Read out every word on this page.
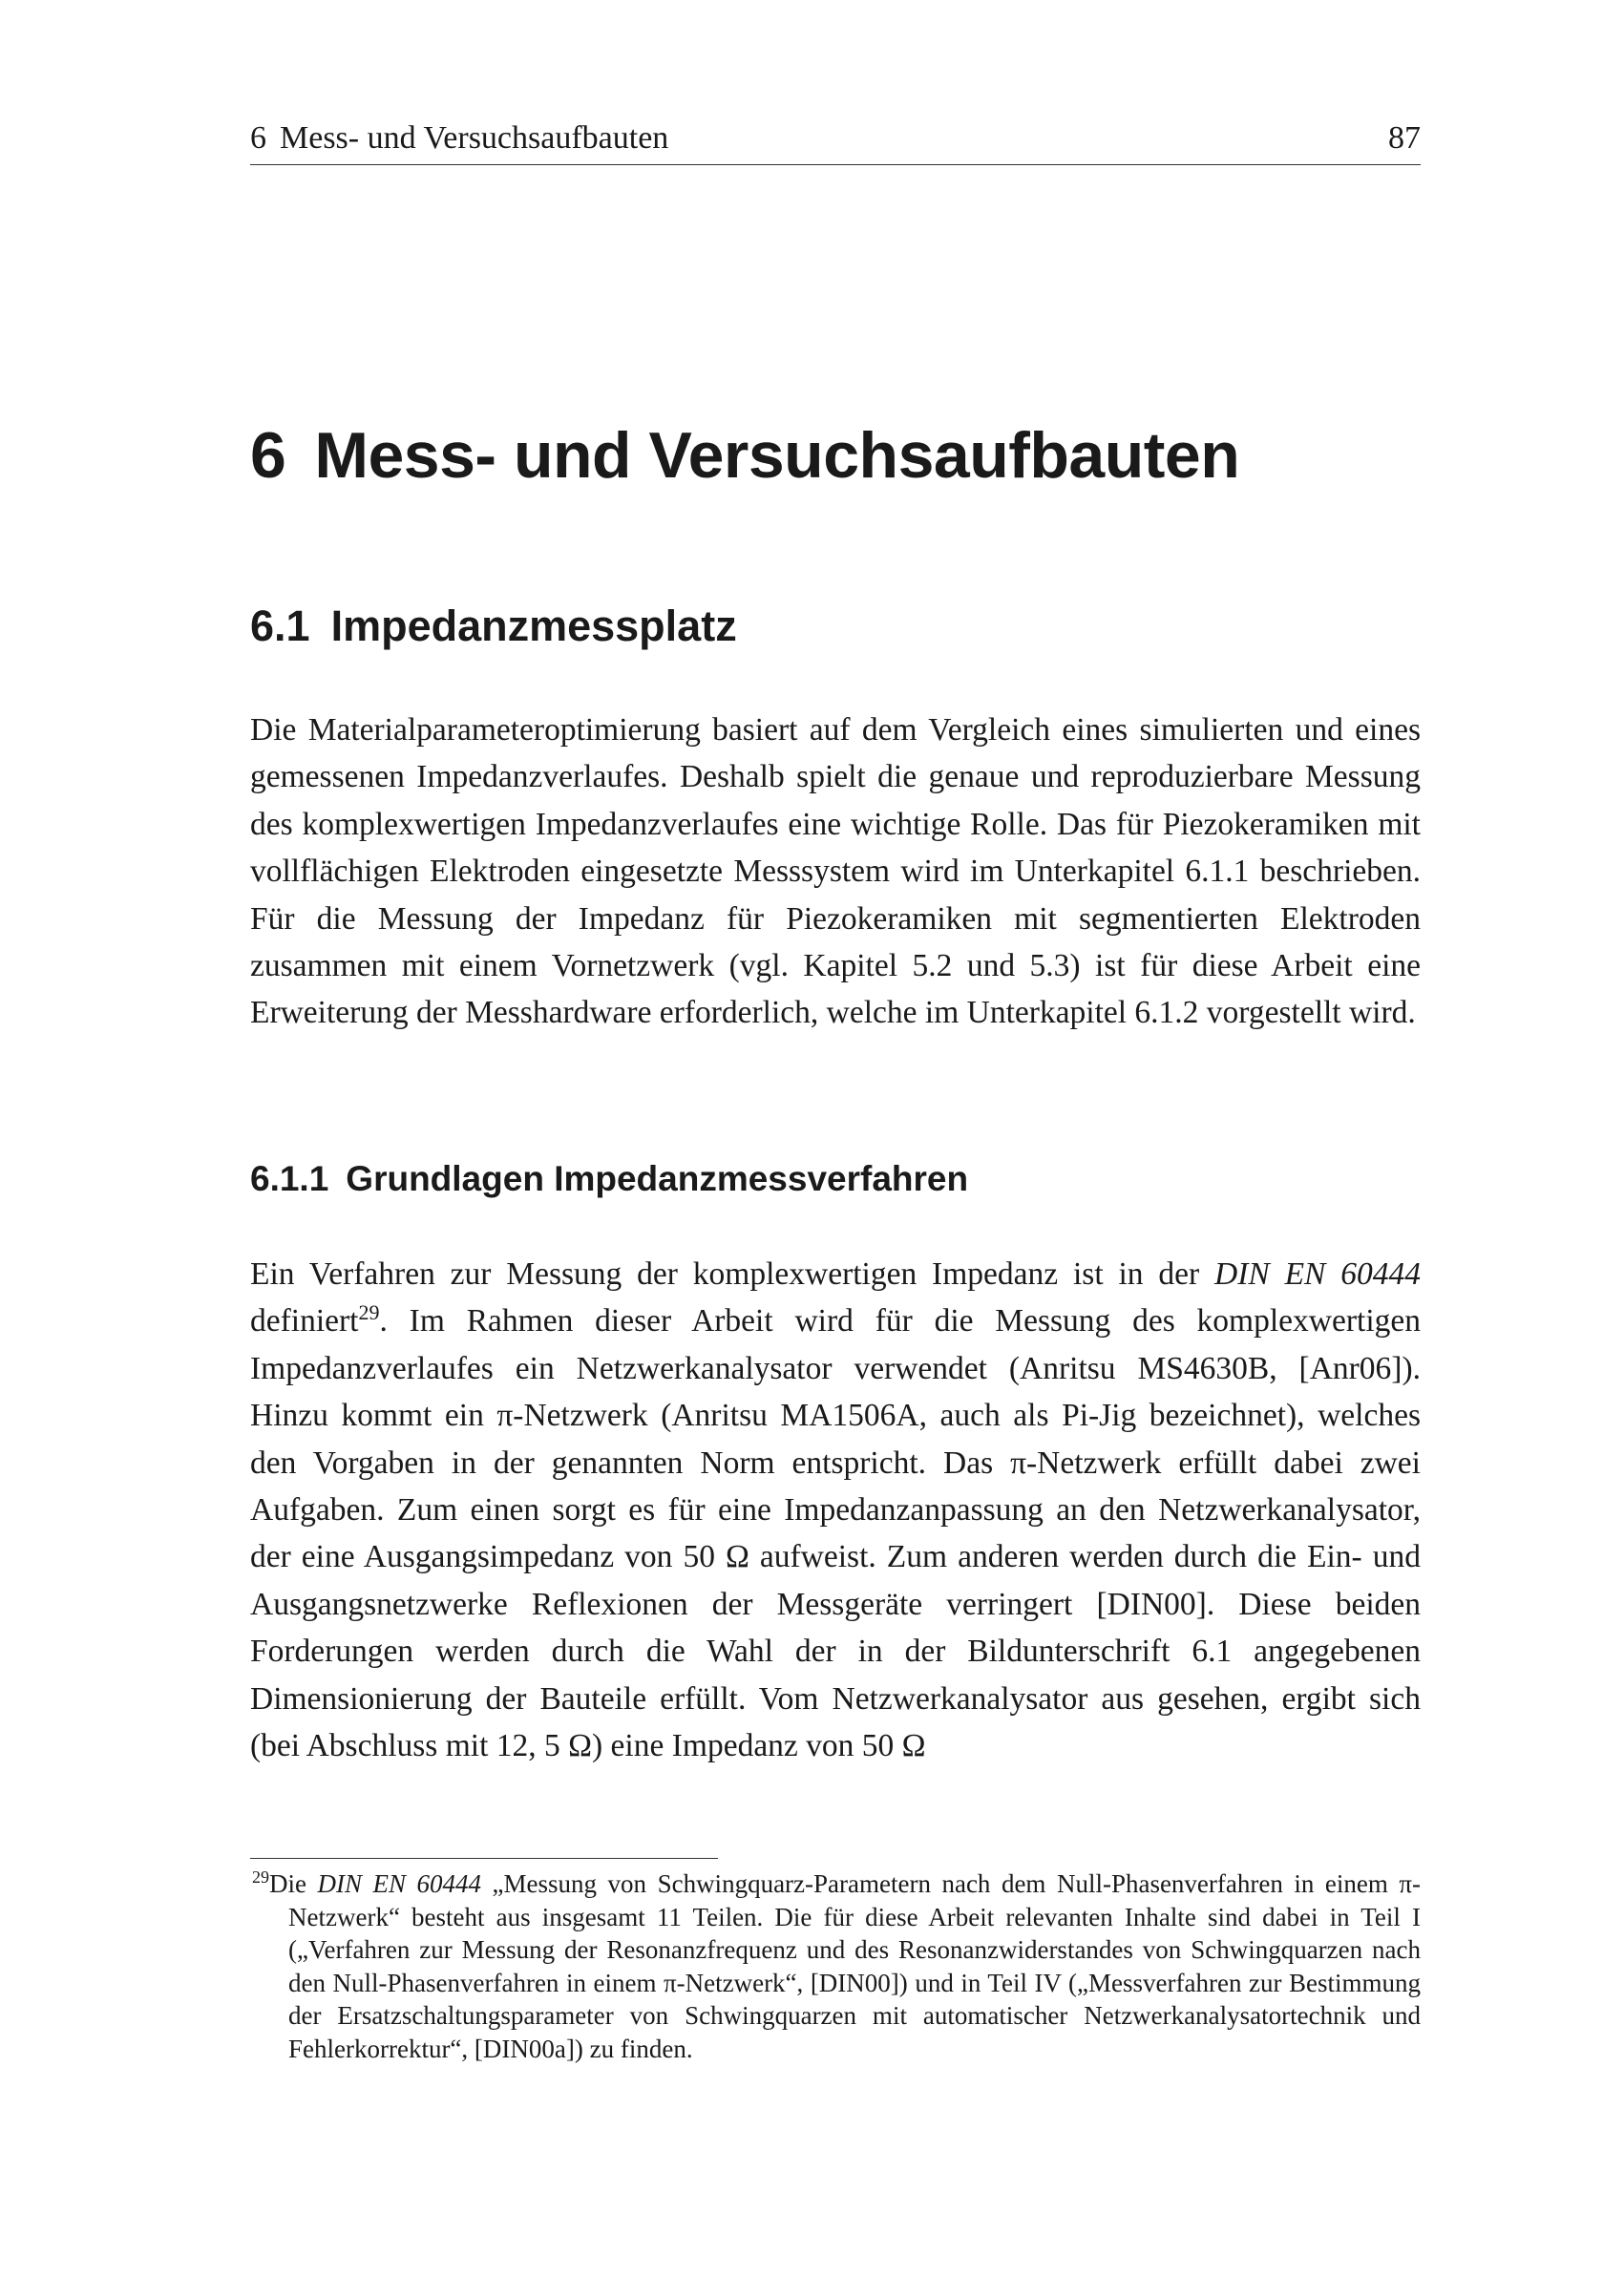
6 Mess- und Versuchsaufbauten	87
6 Mess- und Versuchsaufbauten
6.1 Impedanzmessplatz

Die Materialparameteroptimierung basiert auf dem Vergleich eines simulierten und eines gemessenen Impedanzverlaufes. Deshalb spielt die genaue und reproduzierbare Messung des komplexwertigen Impedanzverlaufes eine wichtige Rolle. Das für Piezokeramiken mit vollflächigen Elektroden eingesetzte Messsystem wird im Unterkapitel 6.1.1 beschrieben. Für die Messung der Impedanz für Piezokeramiken mit segmentierten Elektroden zusammen mit einem Vornetzwerk (vgl. Kapitel 5.2 und 5.3) ist für diese Arbeit eine Erweiterung der Messhardware erforderlich, welche im Unterkapitel 6.1.2 vorgestellt wird.

6.1.1 Grundlagen Impedanzmessverfahren

Ein Verfahren zur Messung der komplexwertigen Impedanz ist in der DIN EN 60444 definiert$^{29}$. Im Rahmen dieser Arbeit wird für die Messung des komplexwertigen Impedanzverlaufes ein Netzwerkanalysator verwendet (Anritsu MS4630B, [Anr06]). Hinzu kommt ein π-Netzwerk (Anritsu MA1506A, auch als Pi-Jig bezeichnet), welches den Vorgaben in der genannten Norm entspricht. Das π-Netzwerk erfüllt dabei zwei Aufgaben. Zum einen sorgt es für eine Impedanzanpassung an den Netzwerkanalysator, der eine Ausgangsimpedanz von 50 Ω aufweist. Zum anderen werden durch die Ein- und Ausgangsnetzwerke Reflexionen der Messgeräte verringert [DIN00]. Diese beiden Forderungen werden durch die Wahl der in der Bildunterschrift 6.1 angegebenen Dimensionierung der Bauteile erfüllt. Vom Netzwerkanalysator aus gesehen, ergibt sich (bei Abschluss mit 12, 5 Ω) eine Impedanz von 50 Ω

$^{29}$Die DIN EN 60444 „Messung von Schwingquarz-Parametern nach dem Null-Phasenverfahren in einem π-Netzwerk“ besteht aus insgesamt 11 Teilen. Die für diese Arbeit relevanten Inhalte sind dabei in Teil I („Verfahren zur Messung der Resonanzfrequenz und des Resonanzwiderstandes von Schwingquarzen nach den Null-Phasenverfahren in einem π-Netzwerk“, [DIN00]) und in Teil IV („Messverfahren zur Bestimmung der Ersatzschaltungsparameter von Schwingquarzen mit automatischer Netzwerkanalysatortechnik und Fehlerkorrektur“, [DIN00a]) zu finden.
